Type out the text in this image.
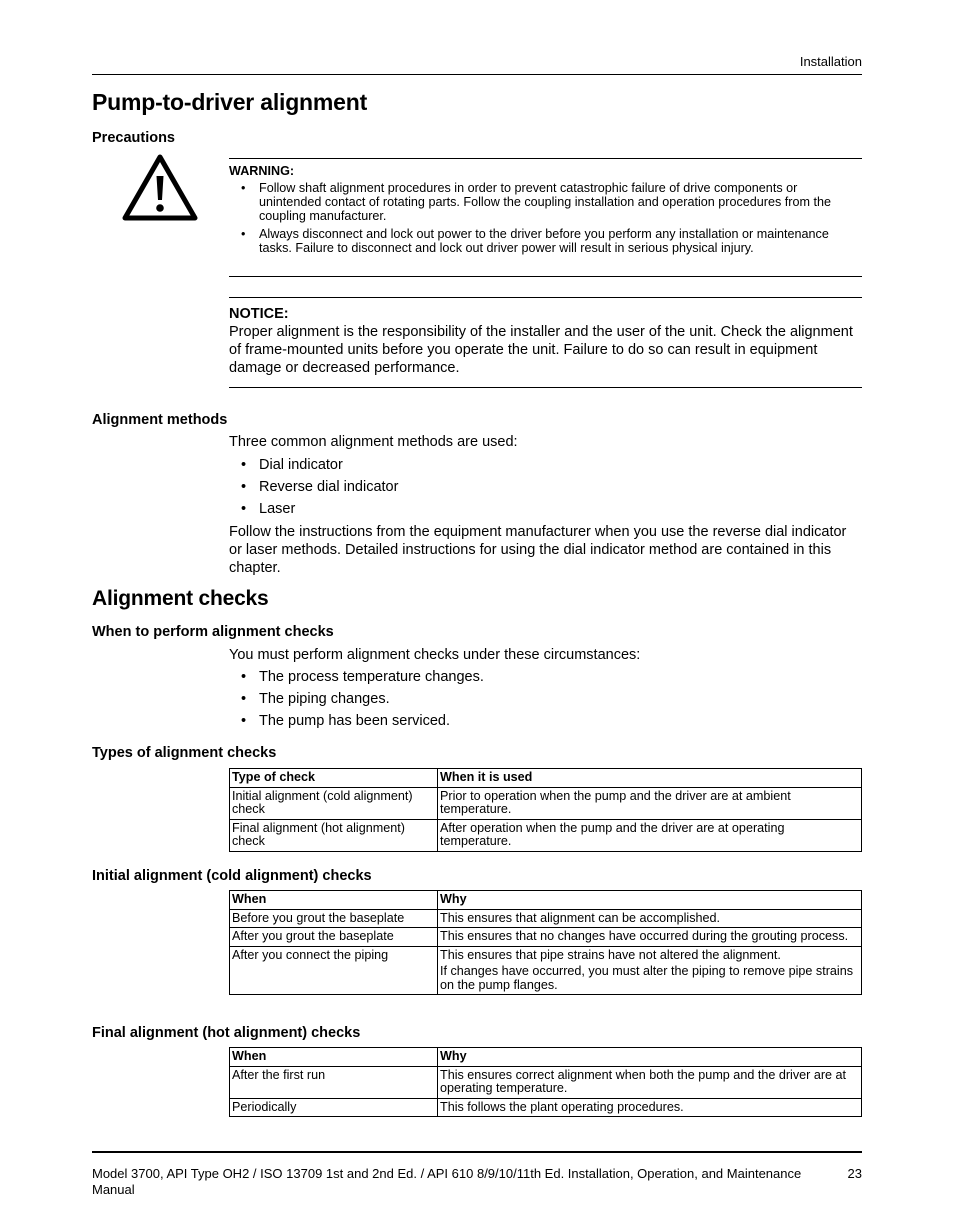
Installation
Pump-to-driver alignment
Precautions
WARNING:
• Follow shaft alignment procedures in order to prevent catastrophic failure of drive components or unintended contact of rotating parts. Follow the coupling installation and operation procedures from the coupling manufacturer.
• Always disconnect and lock out power to the driver before you perform any installation or maintenance tasks. Failure to disconnect and lock out driver power will result in serious physical injury.
NOTICE:
Proper alignment is the responsibility of the installer and the user of the unit. Check the alignment of frame-mounted units before you operate the unit. Failure to do so can result in equipment damage or decreased performance.
Alignment methods
Three common alignment methods are used:
• Dial indicator
• Reverse dial indicator
• Laser
Follow the instructions from the equipment manufacturer when you use the reverse dial indicator or laser methods. Detailed instructions for using the dial indicator method are contained in this chapter.
Alignment checks
When to perform alignment checks
You must perform alignment checks under these circumstances:
• The process temperature changes.
• The piping changes.
• The pump has been serviced.
Types of alignment checks
Type of check	When it is used
Initial alignment (cold alignment) check	Prior to operation when the pump and the driver are at ambient temperature.
Final alignment (hot alignment) check	After operation when the pump and the driver are at operating temperature.
Initial alignment (cold alignment) checks
When	Why
Before you grout the baseplate	This ensures that alignment can be accomplished.
After you grout the baseplate	This ensures that no changes have occurred during the grouting process.
After you connect the piping	This ensures that pipe strains have not altered the alignment.
If changes have occurred, you must alter the piping to remove pipe strains on the pump flanges.
Final alignment (hot alignment) checks
When	Why
After the first run	This ensures correct alignment when both the pump and the driver are at operating temperature.
Periodically	This follows the plant operating procedures.
Model 3700, API Type OH2 / ISO 13709 1st and 2nd Ed. / API 610 8/9/10/11th Ed. Installation, Operation, and Maintenance Manual
23
